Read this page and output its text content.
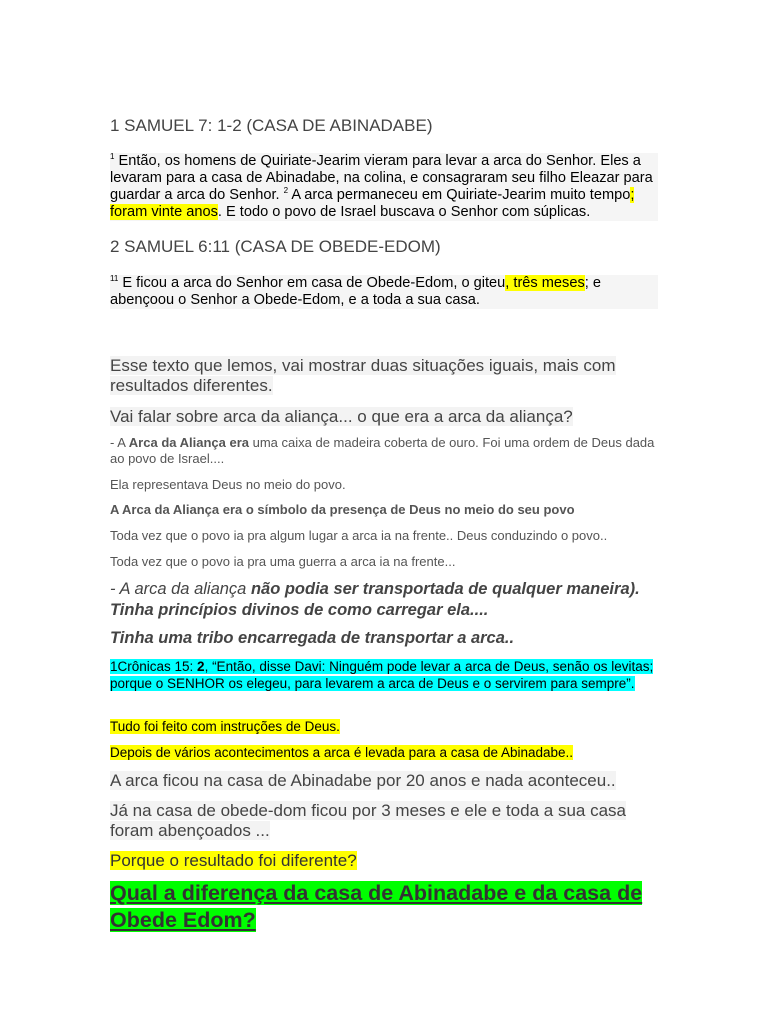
1 SAMUEL 7: 1-2 (CASA DE ABINADABE)
$^1$ Então, os homens de Quiriate-Jearim vieram para levar a arca do Senhor. Eles a levaram para a casa de Abinadabe, na colina, e consagraram seu filho Eleazar para guardar a arca do Senhor. $^2$ A arca permaneceu em Quiriate-Jearim muito tempo; foram vinte anos. E todo o povo de Israel buscava o Senhor com súplicas.
2 SAMUEL 6:11 (CASA DE OBEDE-EDOM)
$^{11}$ E ficou a arca do Senhor em casa de Obede-Edom, o giteu, três meses; e abençoou o Senhor a Obede-Edom, e a toda a sua casa.
Esse texto que lemos, vai mostrar duas situações iguais, mais com resultados diferentes.
Vai falar sobre arca da aliança... o que era a arca da aliança?
- A Arca da Aliança era uma caixa de madeira coberta de ouro. Foi uma ordem de Deus dada ao povo de Israel....
Ela representava Deus no meio do povo.
A Arca da Aliança era o símbolo da presença de Deus no meio do seu povo
Toda vez que o povo ia pra algum lugar a arca ia na frente.. Deus conduzindo o povo..
Toda vez que o povo ia pra uma guerra a arca ia na frente...
- A arca da aliança não podia ser transportada de qualquer maneira). Tinha princípios divinos de como carregar ela....
Tinha uma tribo encarregada de transportar a arca..
1Crônicas 15: 2, “Então, disse Davi: Ninguém pode levar a arca de Deus, senão os levitas; porque o SENHOR os elegeu, para levarem a arca de Deus e o servirem para sempre”.
Tudo foi feito com instruções de Deus.
Depois de vários acontecimentos a arca é levada para a casa de Abinadabe..
A arca ficou na casa de Abinadabe por 20 anos e nada aconteceu..
Já na casa de obede-dom ficou por 3 meses e ele e toda a sua casa foram abençoados ...
Porque o resultado foi diferente?
Qual a diferença da casa de Abinadabe e da casa de Obede Edom?
